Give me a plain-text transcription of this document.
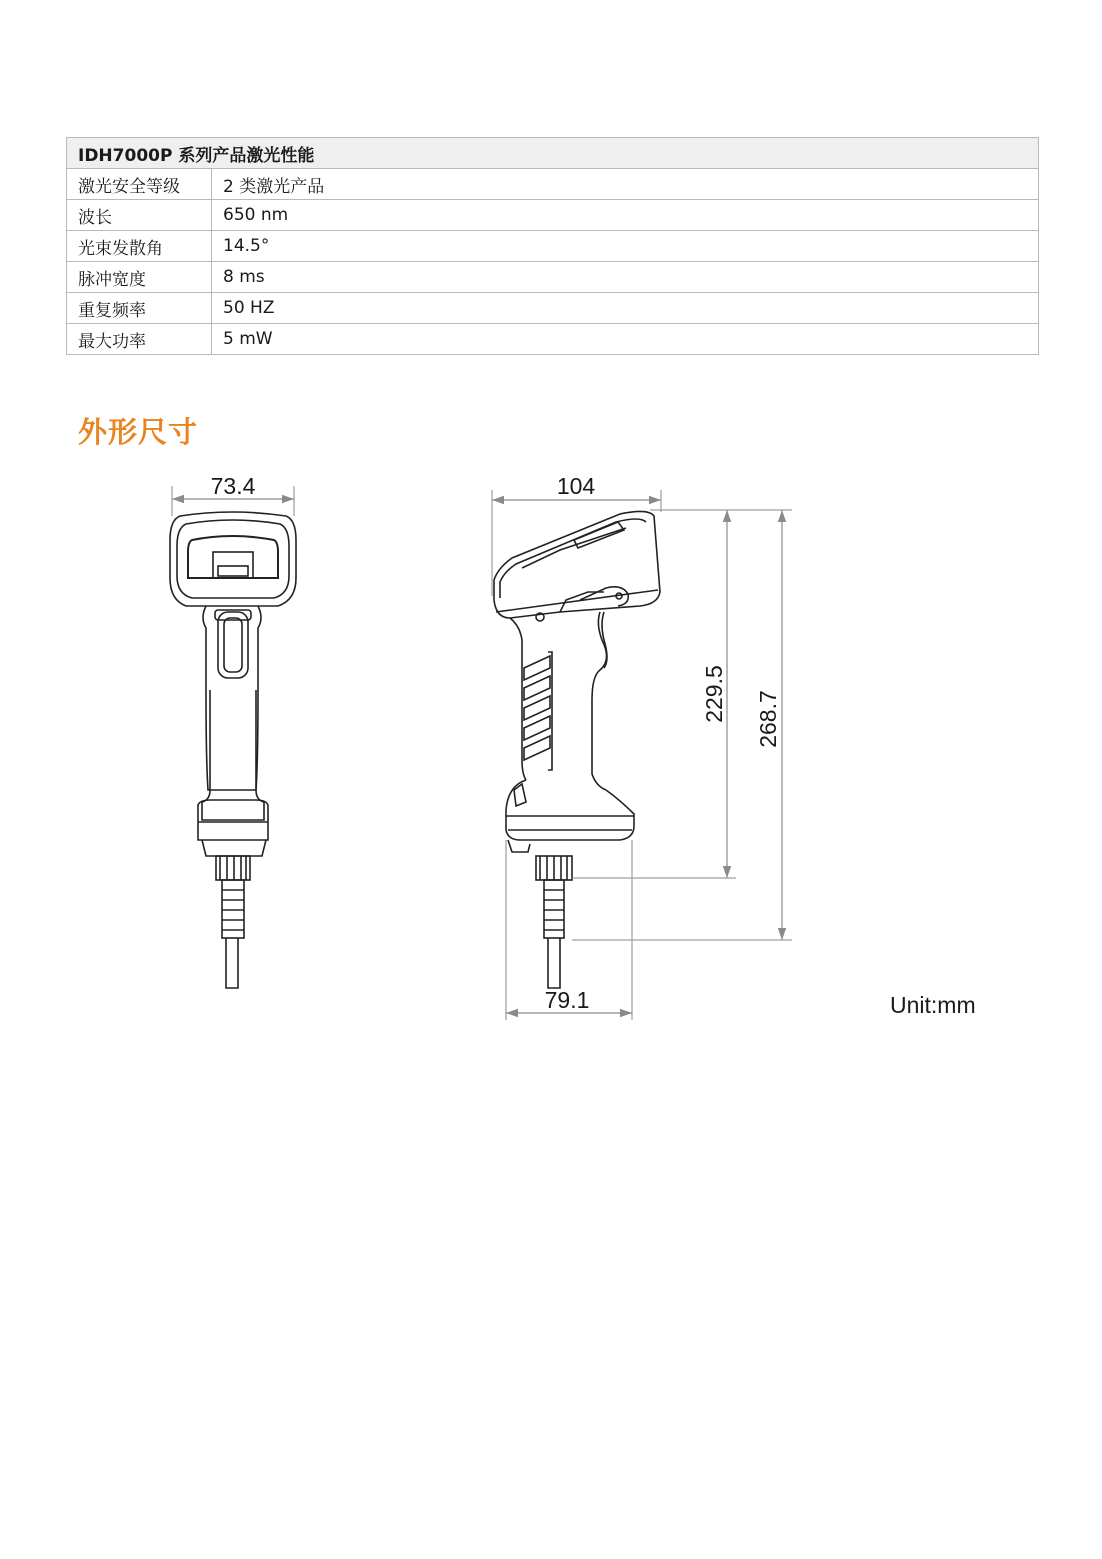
IDH7000P 系列产品激光性能	
激光安全等级	2 类激光产品
波长	650 nm
光束发散角	14.5°
脉冲宽度	8 ms
重复频率	50 HZ
最大功率	5 mW
外形尺寸
73.4	104
229.5 268.7
79.1	Unit:mm
